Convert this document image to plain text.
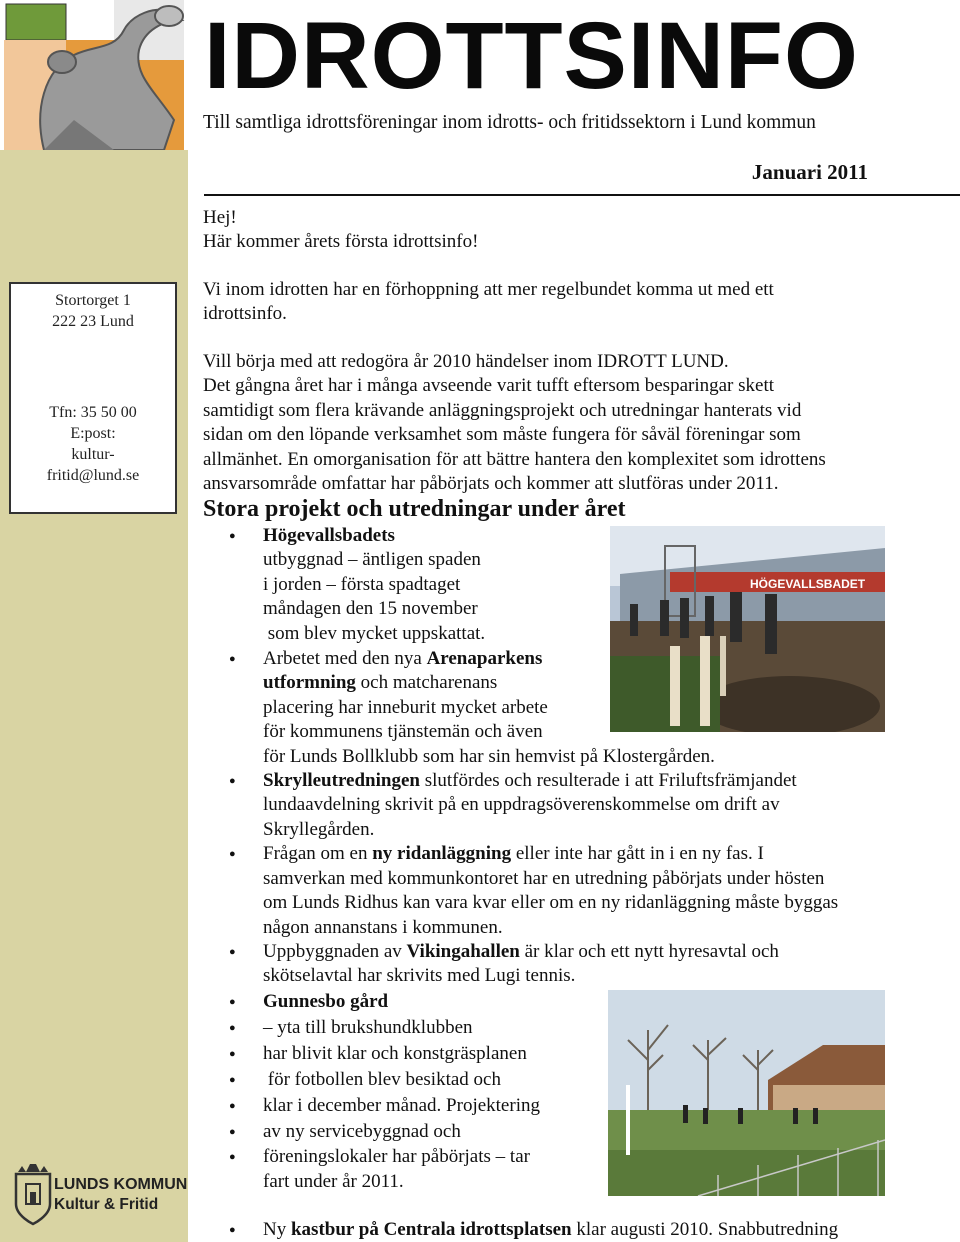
IDROTTSINFO
Till samtliga idrottsföreningar inom idrotts- och fritidssektorn i Lund kommun
Januari 2011
Stortorget 1
222 23 Lund
Tfn: 35 50 00
E:post:
kultur-
fritid@lund.se
Hej!
Här kommer årets första idrottsinfo!
Vi inom idrotten har en förhoppning att mer regelbundet komma ut med ett
idrottsinfo.
Vill börja med att redogöra år 2010 händelser inom IDROTT LUND.
Det gångna året har i många avseende varit tufft eftersom besparingar skett
samtidigt som flera krävande anläggningsprojekt och utredningar hanterats vid
sidan om den löpande verksamhet som måste fungera för såväl föreningar som
allmänhet. En omorganisation för att bättre hantera den komplexitet som idrottens
ansvarsområde omfattar har påbörjats och kommer att slutföras under 2011.
Stora projekt och utredningar under året
HÖGEVALLSBADET
● Högevallsbadets
utbyggnad – äntligen spaden
i jorden – första spadtaget
måndagen den 15 november
som blev mycket uppskattat.
● Arbetet med den nya Arenaparkens
utformning och matcharenans
placering har inneburit mycket arbete
för kommunens tjänstemän och även
för Lunds Bollklubb som har sin hemvist på Klostergården.
● Skrylleutredningen slutfördes och resulterade i att Friluftsfrämjandet
lundaavdelning skrivit på en uppdragsöverenskommelse om drift av
Skryllegården.
● Frågan om en ny ridanläggning eller inte har gått in i en ny fas. I
samverkan med kommunkontoret har en utredning påbörjats under hösten
om Lunds Ridhus kan vara kvar eller om en ny ridanläggning måste byggas
någon annanstans i kommunen.
● Uppbyggnaden av Vikingahallen är klar och ett nytt hyresavtal och
skötselavtal har skrivits med Lugi tennis.
● Gunnesbo gård
● – yta till brukshundklubben
● har blivit klar och konstgräsplanen
●  för fotbollen blev besiktad och
● klar i december månad. Projektering
● av ny servicebyggnad och
● föreningslokaler har påbörjats – tar
fart under år 2011.
● Ny kastbur på Centrala idrottsplatsen klar augusti 2010. Snabbutredning
LUNDS KOMMUN
Kultur & Fritid
